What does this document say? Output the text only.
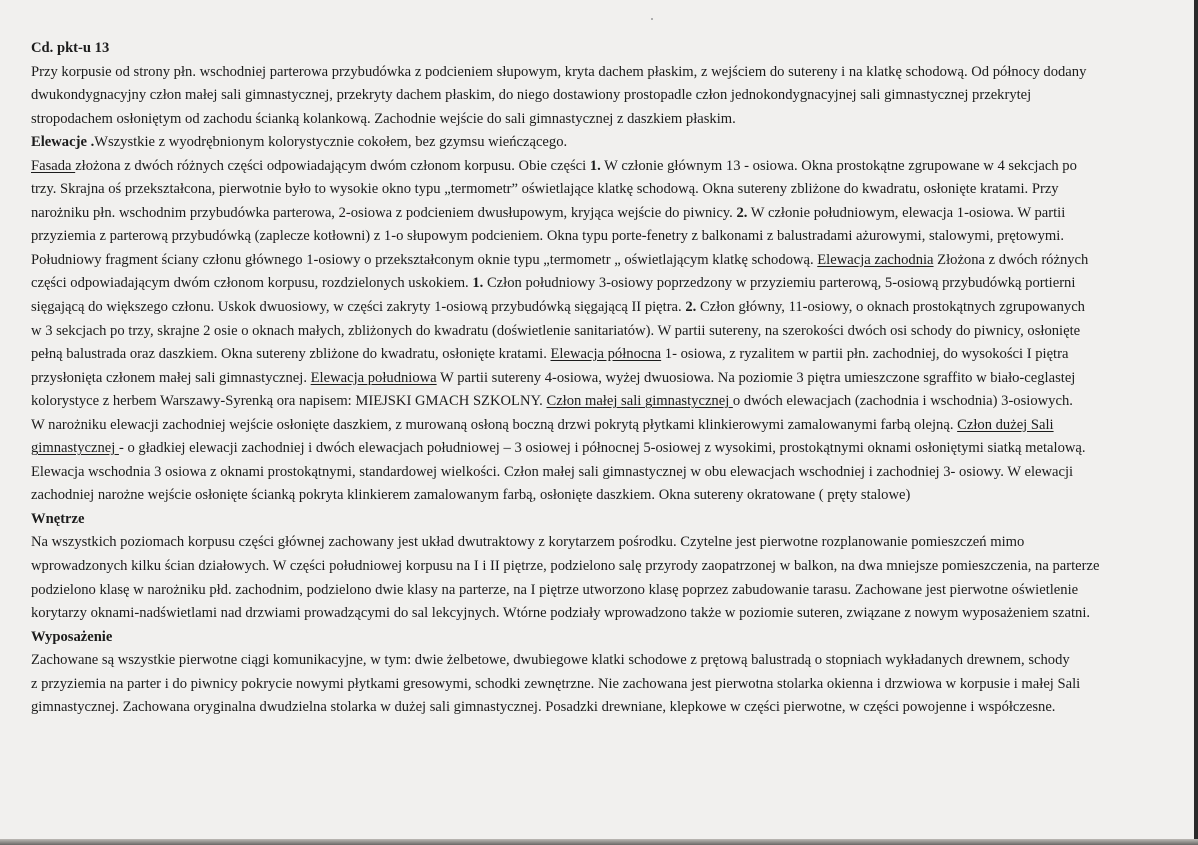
Cd. pkt-u 13
Przy korpusie od strony płn. wschodniej parterowa przybudówka z podcieniem słupowym, kryta dachem płaskim, z wejściem do sutereny i na klatkę schodową. Od północy dodany
dwukondygnacyjny człon małej sali gimnastycznej, przekryty dachem płaskim, do niego dostawiony prostopadle człon jednokondygnacyjnej sali gimnastycznej przekrytej
stropodachem osłoniętym od zachodu ścianką kolankową. Zachodnie wejście do sali gimnastycznej z daszkiem płaskim.
Elewacje .Wszystkie z wyodrębnionym kolorystycznie cokołem, bez gzymsu wieńczącego.
Fasada złożona z dwóch różnych części odpowiadającym dwóm członom korpusu. Obie części 1. W członie głównym 13 - osiowa. Okna prostokątne zgrupowane w 4 sekcjach po
trzy. Skrajna oś przekształcona, pierwotnie było to wysokie okno typu „termometr” oświetlające klatkę schodową. Okna sutereny zbliżone do kwadratu, osłonięte kratami. Przy
narożniku płn. wschodnim przybudówka parterowa, 2-osiowa z podcieniem dwusłupowym, kryjąca wejście do piwnicy. 2. W członie południowym, elewacja 1-osiowa. W partii
przyziemia z parterową przybudówką (zaplecze kotłowni) z 1-o słupowym podcieniem. Okna typu porte-fenetry z balkonami z balustradami ażurowymi, stalowymi, prętowymi.
Południowy fragment ściany członu głównego 1-osiowy o przekształconym oknie typu „termometr „ oświetlającym klatkę schodową. Elewacja zachodnia Złożona z dwóch różnych
części odpowiadającym dwóm członom korpusu, rozdzielonych uskokiem. 1. Człon południowy 3-osiowy poprzedzony w przyziemiu parterową, 5-osiową przybudówką portierni
sięgającą do większego członu. Uskok dwuosiowy, w części zakryty 1-osiową przybudówką sięgającą II piętra. 2. Człon główny, 11-osiowy, o oknach prostokątnych zgrupowanych
w 3 sekcjach po trzy, skrajne 2 osie o oknach małych, zbliżonych do kwadratu (doświetlenie sanitariatów). W partii sutereny, na szerokości dwóch osi schody do piwnicy, osłonięte
pełną balustrada oraz daszkiem. Okna sutereny zbliżone do kwadratu, osłonięte kratami. Elewacja północna 1- osiowa, z ryzalitem w partii płn. zachodniej, do wysokości I piętra
przysłonięta członem małej sali gimnastycznej. Elewacja południowa W partii sutereny 4-osiowa, wyżej dwuosiowa. Na poziomie 3 piętra umieszczone sgraffito w biało-ceglastej
kolorystyce z herbem Warszawy-Syrenką ora napisem: MIEJSKI GMACH SZKOLNY. Człon małej sali gimnastycznej o dwóch elewacjach (zachodnia i wschodnia) 3-osiowych.
W narożniku elewacji zachodniej wejście osłonięte daszkiem, z murowaną osłoną boczną drzwi pokrytą płytkami klinkierowymi zamalowanymi farbą olejną. Człon dużej Sali
gimnastycznej - o gładkiej elewacji zachodniej i dwóch elewacjach południowej – 3 osiowej i północnej 5-osiowej z wysokimi, prostokątnymi oknami osłoniętymi siatką metalową.
Elewacja wschodnia 3 osiowa z oknami prostokątnymi, standardowej wielkości. Człon małej sali gimnastycznej w obu elewacjach wschodniej i zachodniej 3- osiowy. W elewacji
zachodniej narożne wejście osłonięte ścianką pokryta klinkierem zamalowanym farbą, osłonięte daszkiem. Okna sutereny okratowane ( pręty stalowe)
Wnętrze
Na wszystkich poziomach korpusu części głównej zachowany jest układ dwutraktowy z korytarzem pośrodku. Czytelne jest pierwotne rozplanowanie pomieszczeń mimo
wprowadzonych kilku ścian działowych. W części południowej korpusu na I i II piętrze, podzielono salę przyrody zaopatrzonej w balkon, na dwa mniejsze pomieszczenia, na parterze
podzielono klasę w narożniku płd. zachodnim, podzielono dwie klasy na parterze, na I piętrze utworzono klasę poprzez zabudowanie tarasu. Zachowane jest pierwotne oświetlenie
korytarzy oknami-nadświetlami nad drzwiami prowadzącymi do sal lekcyjnych. Wtórne podziały wprowadzono także w poziomie suteren, związane z nowym wyposażeniem szatni.
Wyposażenie
Zachowane są wszystkie pierwotne ciągi komunikacyjne, w tym: dwie żelbetowe, dwubiegowe klatki schodowe z prętową balustradą o stopniach wykładanych drewnem, schody
z przyziemia na parter i do piwnicy pokrycie nowymi płytkami gresowymi, schodki zewnętrzne. Nie zachowana jest pierwotna stolarka okienna i drzwiowa w korpusie i małej Sali
gimnastycznej. Zachowana oryginalna dwudzielna stolarka w dużej sali gimnastycznej. Posadzki drewniane, klepkowe w części pierwotne, w części powojenne i współczesne.
